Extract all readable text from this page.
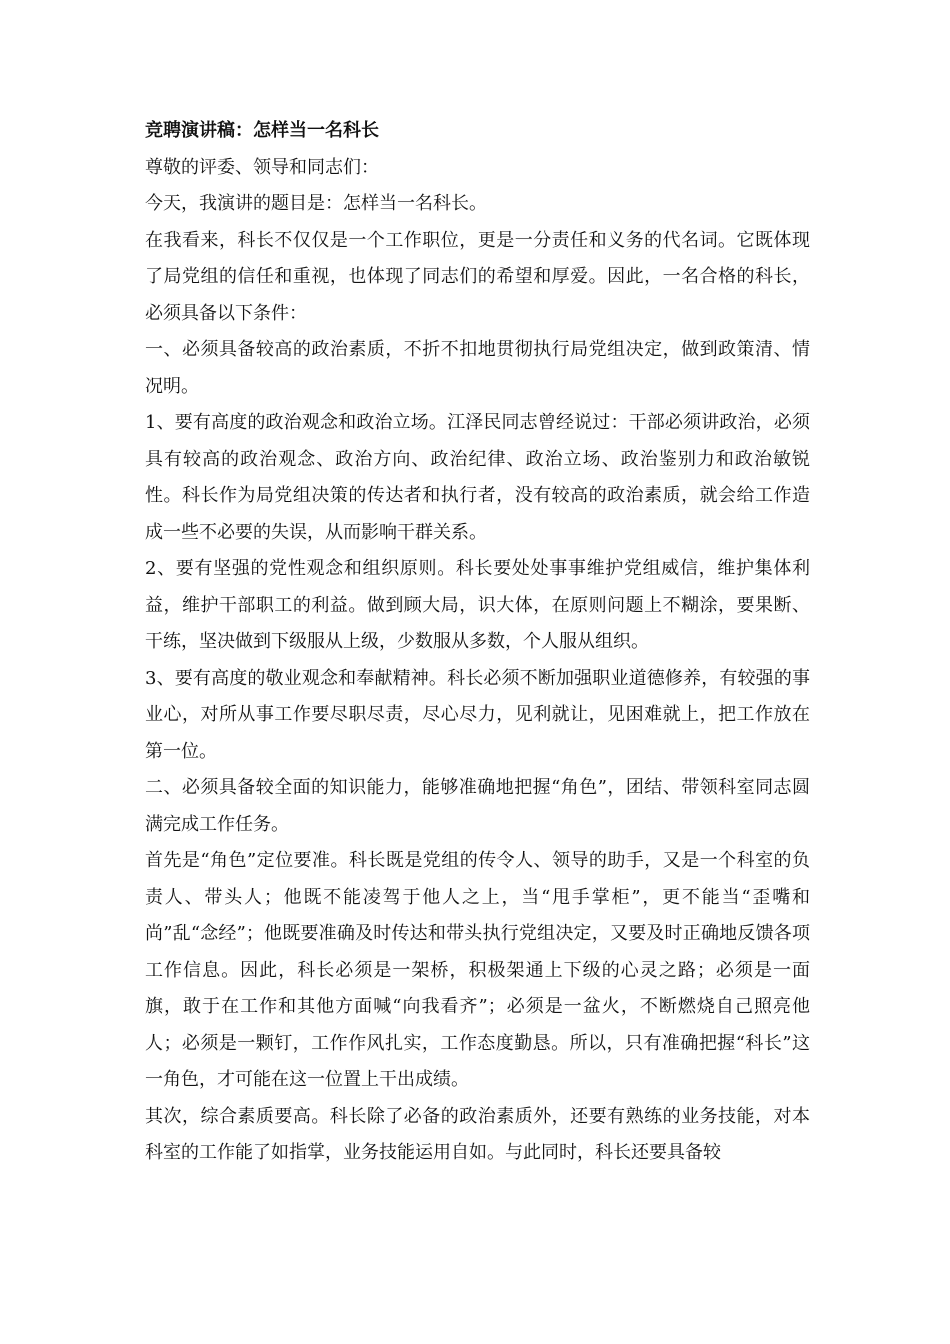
竞聘演讲稿：怎样当一名科长

尊敬的评委、领导和同志们：

今天，我演讲的题目是：怎样当一名科长。

在我看来，科长不仅仅是一个工作职位，更是一分责任和义务的代名词。它既体现了局党组的信任和重视，也体现了同志们的希望和厚爱。因此，一名合格的科长，必须具备以下条件：

一、必须具备较高的政治素质，不折不扣地贯彻执行局党组决定，做到政策清、情况明。

1、要有高度的政治观念和政治立场。江泽民同志曾经说过：干部必须讲政治，必须具有较高的政治观念、政治方向、政治纪律、政治立场、政治鉴别力和政治敏锐性。科长作为局党组决策的传达者和执行者，没有较高的政治素质，就会给工作造成一些不必要的失误，从而影响干群关系。

2、要有坚强的党性观念和组织原则。科长要处处事事维护党组威信，维护集体利益，维护干部职工的利益。做到顾大局，识大体，在原则问题上不糊涂，要果断、干练，坚决做到下级服从上级，少数服从多数，个人服从组织。

3、要有高度的敬业观念和奉献精神。科长必须不断加强职业道德修养，有较强的事业心，对所从事工作要尽职尽责，尽心尽力，见利就让，见困难就上，把工作放在第一位。

二、必须具备较全面的知识能力，能够准确地把握“角色”，团结、带领科室同志圆满完成工作任务。

首先是“角色”定位要准。科长既是党组的传令人、领导的助手，又是一个科室的负责人、带头人；他既不能凌驾于他人之上，当“甩手掌柜”，更不能当“歪嘴和尚”乱“念经”；他既要准确及时传达和带头执行党组决定，又要及时正确地反馈各项工作信息。因此，科长必须是一架桥，积极架通上下级的心灵之路；必须是一面旗，敢于在工作和其他方面喊“向我看齐”；必须是一盆火，不断燃烧自己照亮他人；必须是一颗钉，工作作风扎实，工作态度勤恳。所以，只有准确把握“科长”这一角色，才可能在这一位置上干出成绩。

其次，综合素质要高。科长除了必备的政治素质外，还要有熟练的业务技能，对本科室的工作能了如指掌，业务技能运用自如。与此同时，科长还要具备较
